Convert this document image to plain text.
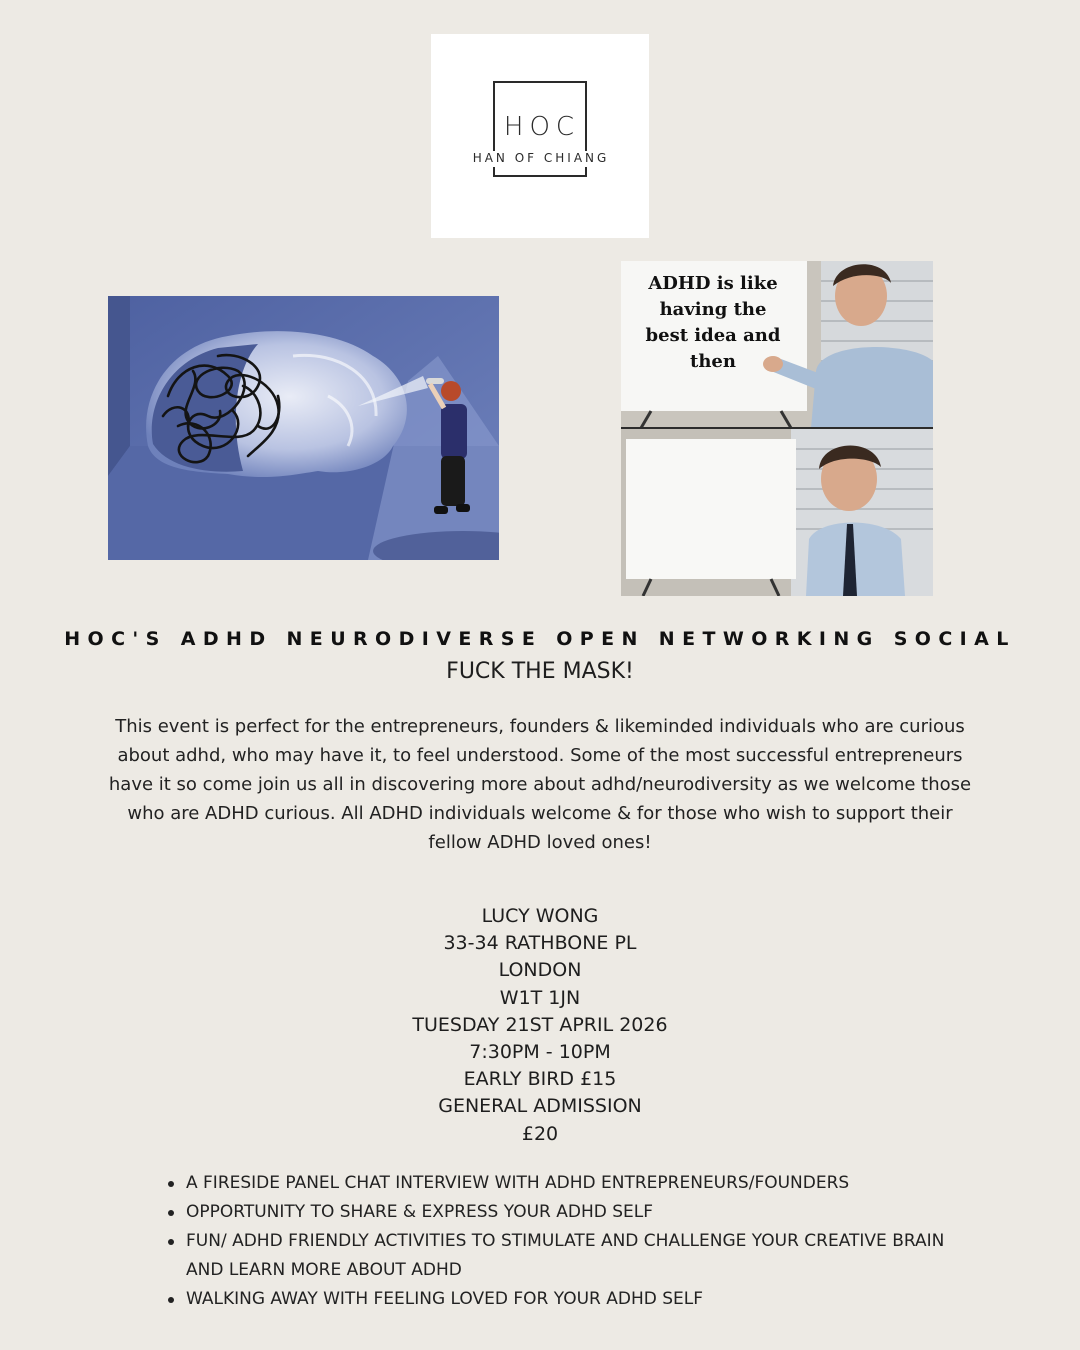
HOC
HAN OF CHIANG
ADHD is like
having the
best idea and then
HOC'S ADHD NEURODIVERSE OPEN NETWORKING SOCIAL
FUCK THE MASK!
This event is perfect for the entrepreneurs, founders & likeminded individuals who are curious about adhd, who may have it, to feel understood. Some of the most successful entrepreneurs have it so come join us all in discovering more about adhd/neurodiversity as we welcome those who are ADHD curious. All ADHD individuals welcome & for those who wish to support their fellow ADHD loved ones!
LUCY WONG
33-34 RATHBONE PL
LONDON
W1T 1JN
TUESDAY 21ST APRIL 2026
7:30PM - 10PM
EARLY BIRD £15
GENERAL ADMISSION
£20
A FIRESIDE PANEL CHAT INTERVIEW WITH ADHD ENTREPRENEURS/FOUNDERS
OPPORTUNITY TO SHARE & EXPRESS YOUR ADHD SELF
FUN/ ADHD FRIENDLY ACTIVITIES TO STIMULATE AND CHALLENGE YOUR CREATIVE BRAIN AND LEARN MORE ABOUT ADHD
WALKING AWAY WITH FEELING LOVED FOR YOUR ADHD SELF
